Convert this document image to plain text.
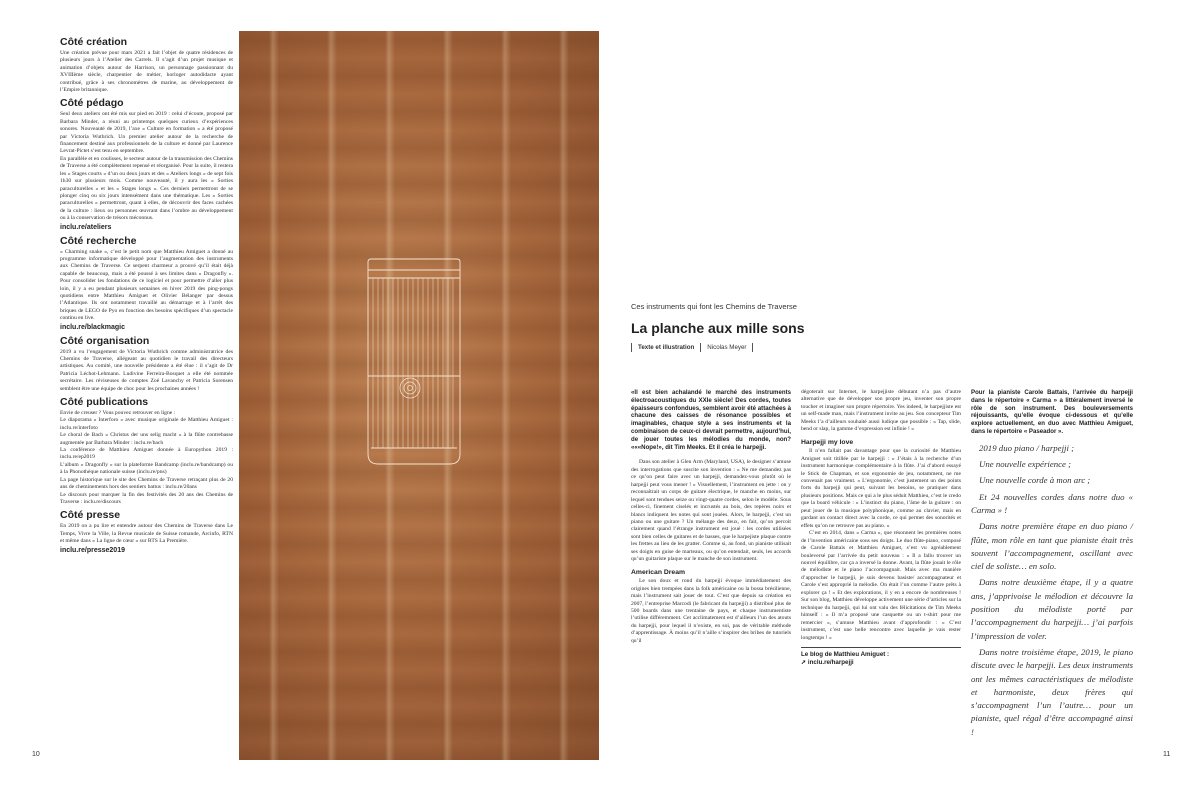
Côté création

Une création prévue pour mars 2021 a fait l’objet de quatre résidences de plusieurs jours à l’Atelier des Carrels. Il s’agit d’un projet musique et animation d’objets autour de Harrison, un personnage passionnant du XVIIIème siècle, charpentier de métier, horloger autodidacte ayant contribué, grâce à ses chronomètres de marine, au développement de l’Empire britannique.

Côté pédago

Seul deux ateliers ont été mis sur pied en 2019 : celui d’écoute, proposé par Barbara Minder, a réuni au printemps quelques curieux d’expériences sonores. Nouveauté de 2019, l’axe « Culture en formation » a été proposé par Victoria Wuthrich. Un premier atelier autour de la recherche de financement destiné aux professionnels de la culture et donné par Laurence Levrat-Pictet s’est tenu en septembre.

En parallèle et en coulisses, le secteur autour de la transmission des Chemins de Traverse a été complètement repensé et réorganisé. Pour la suite, il restera les « Stages courts » d’un ou deux jours et des « Ateliers longs » de sept fois 1h30 sur plusieurs mois. Comme nouveauté, il y aura les « Sorties paraculturelles » et les « Stages longs ». Ces derniers permettront de se plonger cinq ou six jours intensément dans une thématique. Les « Sorties paraculturelles » permettront, quant à elles, de découvrir des faces cachées de la culture : lieux ou personnes œuvrant dans l’ombre au développement ou à la conservation de trésors méconnus.

inclu.re/ateliers
Côté recherche

« Charming snake », c’est le petit nom que Matthieu Amiguet a donné au programme informatique développé pour l’augmentation des instruments aux Chemins de Traverse. Ce serpent charmeur a prouvé qu’il était déjà capable de beaucoup, mais a été poussé à ses limites dans « Dragonfly ». Pour consolider les fondations de ce logiciel et pour permettre d’aller plus loin, il y a eu pendant plusieurs semaines en hiver 2019 des ping-pongs quotidiens entre Matthieu Amiguet et Olivier Bélanger par dessus l’Atlantique. Ils ont notamment travaillé au démarrage et à l’arrêt des briques de LEGO de Pyo en fonction des besoins spécifiques d’un spectacle continu en live.

inclu.re/blackmagic
Côté organisation

2019 a vu l’engagement de Victoria Wuthrich comme administratrice des Chemins de Traverse, allégeant au quotidien le travail des directeurs artistiques. Au comité, une nouvelle présidente a été élue : il s’agit de Dr Patricia Léchot-Lehmann. Ludivine Ferreira-Bosquet a elle été nommée secrétaire. Les réviseuses de comptes Zoé Lavanchy et Patricia Sorensen semblent être une équipe de choc pour les prochaines années !

Côté publications

Envie de creuser ? Vous pouvez retrouver en ligne :

Le diaporama « Interforo » avec musique originale de Matthieu Amiguet : inclu.re/interfoto

Le choral de Bach « Christus der uns selig macht » à la flûte contrebasse augmentée par Barbara Minder : inclu.re/bach

La conférence de Matthieu Amiguet donnée à Europython 2019 : inclu.re/ep2019

L’album « Dragonfly » sur la plateforme Bandcamp (inclu.re/bandcamp) ou à la Phonothèque nationale suisse (inclu.re/pns)

La page historique sur le site des Chemins de Traverse retraçant plus de 20 ans de cheminements hors des sentiers battus : inclu.re/20ans

Le discours pour marquer la fin des festivités des 20 ans des Chemins de Traverse : inclu.re/discours

Côté presse

En 2019 on a pu lire et entendre autour des Chemins de Traverse dans Le Temps, Vivre la Ville, la Revue musicale de Suisse romande, Arcinfo, RTN et même dans « La ligne de cœur » sur RTS La Première.

inclu.re/presse2019
10	11
Ces instruments qui font les Chemins de Traverse
La planche aux mille sons
Texte et illustration Nicolas Meyer
«Il est bien achalandé le marché des instruments électroacoustiques du XXIe siècle! Des cordes, toutes épaisseurs confondues, semblent avoir été attachées à chacune des caisses de résonance possibles et imaginables, chaque style a ses instruments et la combinaison de ceux-ci devrait permettre, aujourd’hui, de jouer toutes les mélodies du monde, non? «««Nope!», dit Tim Meeks. Et il créa le harpejji.

Dans son atelier à Glen Arm (Maryland, USA), le designer s’amuse des interrogations que suscite son invention : « Ne me demandez pas ce qu’on peut faire avec un harpejji, demandez-vous plutôt où le harpejji peut vous mener ! » Visuellement, l’instrument en jette : on y reconnaîtrait un corps de guitare électrique, le manche en moins, sur lequel sont tendues seize ou vingt-quatre cordes, selon le modèle. Sous celles-ci, finement ciselés et incrustés au bois, des repères noirs et blancs indiquent les notes qui sont jouées. Alors, le harpejji, c’est un piano ou une guitare ? Un mélange des deux, en fait, qu’on percoit clairement quand l’étrange instrument est joué : les cordes utilisées sont bien celles de guitares et de basses, que le harpejiste plaque contre les frettes au lieu de les gratter. Comme si, au fond, un pianiste utilisait ses doigts en guise de marteaux, ou qu’on entendait, seuls, les accords qu’un guitariste plaque sur le manche de son instrument.

American Dream

Le son doux et rond du harpejji évoque immédiatement des origines bien trempées dans la folk américaine ou la bossa brésilienne, mais l’instrument sait jouer de tout. C’est que depuis sa création en 2007, l’entreprise Marcodi (le fabricant du harpejji) a distribué plus de 500 boards dans une trentaine de pays, et chaque instrumentiste l’utilise différemment. Cet acclimatement est d’ailleurs l’un des atouts du harpejji, pour lequel il n’existe, en soi, pas de véritable méthode d’apprentissage. À moins qu’il n’aille s’inspirer des bribes de tutoriels qu’il

dégoterait sur Internet, le harpejjiste débutant n’a pas d’autre alternative que de développer son propre jeu, inventer son propre toucher et imaginer son propre répertoire. Yes indeed, le harpejjiste est un self-made man, mais l’instrument invite au jeu. Son concepteur Tim Meeks l’a d’ailleurs souhaité aussi ludique que possible : « Tap, slide, bend or slap, la gamme d’expression est infinie ! »

Harpejji my love

Il n’en fallait pas davantage pour que la curiosité de Matthieu Amiguet soit titillée par le harpejji : « J’étais à la recherche d’un instrument harmonique complémentaire à la flûte. J’ai d’abord essayé le Stick de Chapman, et son ergonomie de jeu, notamment, ne me convenait pas vraiment. » L’ergonomie, c’est justement un des points forts du harpejji qui peut, suivant les besoins, se pratiquer dans plusieurs positions. Mais ce qui a le plus séduit Matthieu, c’est le credo que la board véhicule : « L’instinct du piano, l’âme de la guitare : on peut jouer de la musique polyphonique, comme au clavier, mais en gardant un contact direct avec la corde, ce qui permet des sonorités et effets qu’on ne retrouve pas au piano. »

C’est en 2014, dans « Carma », que résonnent les premières notes de l’invention américaine sous ses doigts. Le duo flûte-piano, composé de Carole Battais et Matthieu Amiguet, s’est vu agréablement bouleversé par l’arrivée du petit nouveau : « Il a fallu trouver un nouvel équilibre, car ça a inversé la donne. Avant, la flûte jouait le rôle de mélodiste et le piano l’accompagnait. Mais avec ma manière d’approcher le harpejji, je suis devenu basiste/ accompagnateur et Carole s’est approprié la mélodie. On était l’un comme l’autre prêts à explorer ça ! » Et des explorations, il y en a encore de nombreuses ! Sur son blog, Matthieu développe activement une série d’articles sur la technique du harpejji, qui lui ont valu des félicitations de Tim Meeks himself : « Il m’a proposé une casquette ou un t-shirt pour me remercier », s’amuse Matthieu avant d’approfondir : « C’est instrument, c’est une belle rencontre avec laquelle je vais rester longtemps ! »

Le blog de Matthieu Amiguet :
➚ inclu.re/harpejji
Pour la pianiste Carole Battais, l’arrivée du harpejji dans le répertoire « Carma » a littéralement inversé le rôle de son instrument. Des bouleversements réjouissants, qu’elle évoque ci-dessous et qu’elle explore actuellement, en duo avec Matthieu Amiguet, dans le répertoire « Paseador ».

2019 duo piano / harpejji ;

Une nouvelle expérience ;

Une nouvelle corde à mon arc ;

Et 24 nouvelles cordes dans notre duo « Carma » !

Dans notre première étape en duo piano / flûte, mon rôle en tant que pianiste était très souvent l’accompagnement, oscillant avec ciel de soliste… en solo.

Dans notre deuxième étape, il y a quatre ans, j’apprivoise le mélodion et découvre la position du mélodiste porté par l’accompagnement du harpejji… j’ai parfois l’impression de voler.

Dans notre troisième étape, 2019, le piano discute avec le harpejji. Les deux instruments ont les mêmes caractéristiques de mélodiste et harmoniste, deux frères qui s’accompagnent l’un l’autre… pour un pianiste, quel régal d’être accompagné ainsi !
